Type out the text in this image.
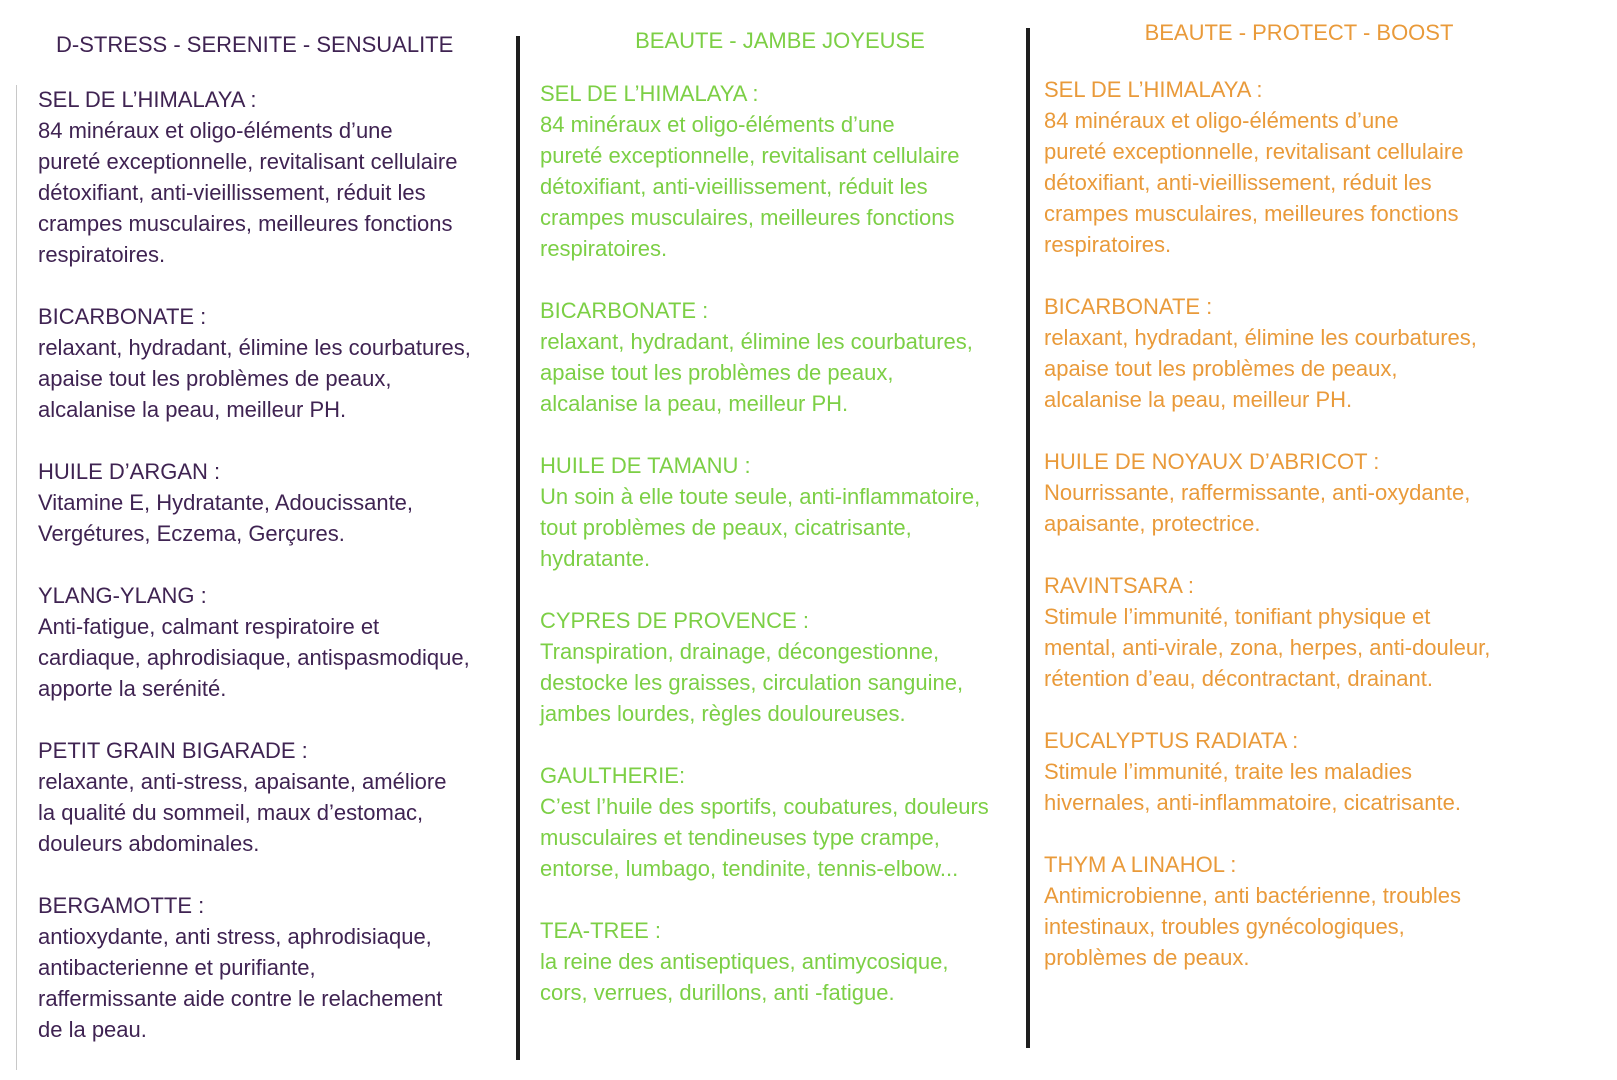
D-STRESS - SERENITE - SENSUALITE
SEL DE L’HIMALAYA :
84 minéraux et oligo-éléments d’une
pureté exceptionnelle, revitalisant cellulaire
détoxifiant, anti-vieillissement, réduit les
crampes musculaires, meilleures fonctions
respiratoires.
BICARBONATE :
relaxant, hydradant, élimine les courbatures,
apaise tout les problèmes de peaux,
alcalanise la peau, meilleur PH.
HUILE D’ARGAN :
Vitamine E, Hydratante, Adoucissante,
Vergétures, Eczema, Gerçures.
YLANG-YLANG :
Anti-fatigue, calmant respiratoire et
cardiaque, aphrodisiaque, antispasmodique,
apporte la serénité.
PETIT GRAIN BIGARADE :
relaxante, anti-stress, apaisante, améliore
la qualité du sommeil, maux d’estomac,
douleurs abdominales.
BERGAMOTTE :
antioxydante, anti stress, aphrodisiaque,
antibacterienne et purifiante,
raffermissante aide contre le relachement
de la peau.
BEAUTE - JAMBE JOYEUSE
SEL DE L’HIMALAYA :
84 minéraux et oligo-éléments d’une
pureté exceptionnelle, revitalisant cellulaire
détoxifiant, anti-vieillissement, réduit les
crampes musculaires, meilleures fonctions
respiratoires.
BICARBONATE :
relaxant, hydradant, élimine les courbatures,
apaise tout les problèmes de peaux,
alcalanise la peau, meilleur PH.
HUILE DE TAMANU :
Un soin à elle toute seule, anti-inflammatoire,
tout problèmes de peaux, cicatrisante,
hydratante.
CYPRES DE PROVENCE :
Transpiration, drainage, décongestionne,
destocke les graisses, circulation sanguine,
jambes lourdes, règles douloureuses.
GAULTHERIE:
C’est l’huile des sportifs, coubatures, douleurs
musculaires et tendineuses type crampe,
entorse, lumbago, tendinite, tennis-elbow...
TEA-TREE :
la reine des antiseptiques, antimycosique,
cors, verrues, durillons, anti -fatigue.
BEAUTE - PROTECT - BOOST
SEL DE L’HIMALAYA :
84 minéraux et oligo-éléments d’une
pureté exceptionnelle, revitalisant cellulaire
détoxifiant, anti-vieillissement, réduit les
crampes musculaires, meilleures fonctions
respiratoires.
BICARBONATE :
relaxant, hydradant, élimine les courbatures,
apaise tout les problèmes de peaux,
alcalanise la peau, meilleur PH.
HUILE DE NOYAUX D’ABRICOT :
Nourrissante, raffermissante, anti-oxydante,
apaisante, protectrice.
RAVINTSARA :
Stimule l’immunité, tonifiant physique et
mental, anti-virale, zona, herpes, anti-douleur,
rétention d’eau, décontractant, drainant.
EUCALYPTUS RADIATA :
Stimule l’immunité, traite les maladies
hivernales, anti-inflammatoire, cicatrisante.
THYM A LINAHOL :
Antimicrobienne, anti bactérienne, troubles
intestinaux, troubles gynécologiques,
problèmes de peaux.
